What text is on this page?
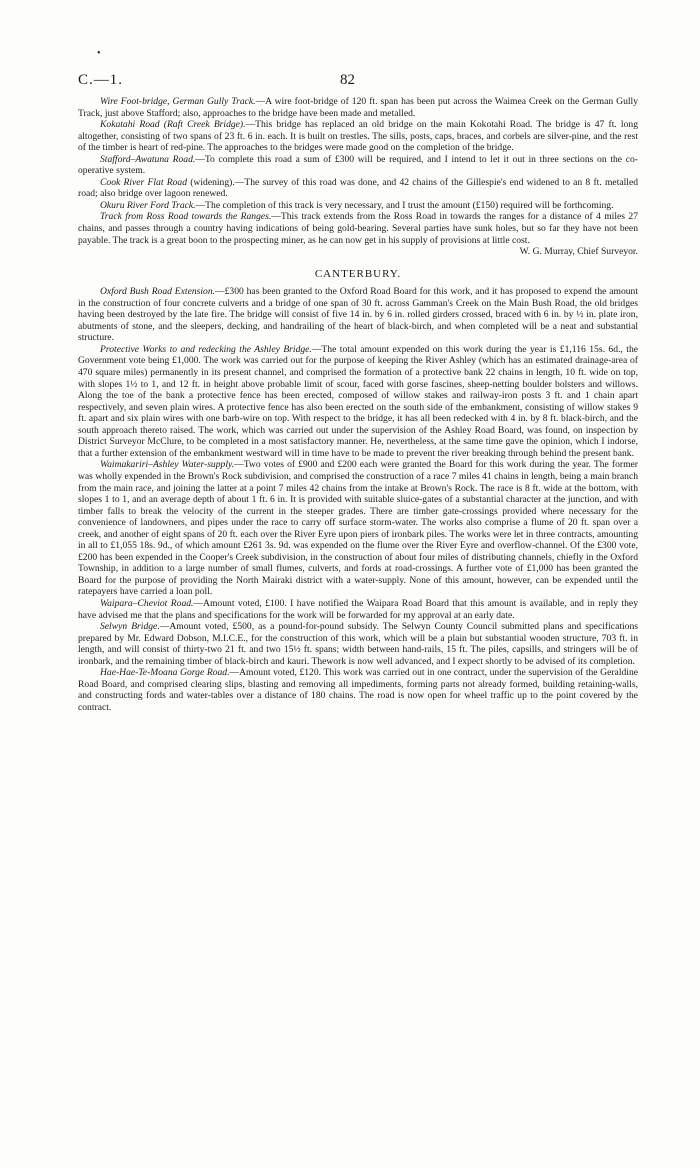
•
C.—1.	82

Wire Foot-bridge, German Gully Track.—A wire foot-bridge of 120 ft. span has been put across the Waimea Creek on the German Gully Track, just above Stafford; also, approaches to the bridge have been made and metalled.

Kokatahi Road (Raft Creek Bridge).—This bridge has replaced an old bridge on the main Kokotahi Road. The bridge is 47 ft. long altogether, consisting of two spans of 23 ft. 6 in. each. It is built on trestles. The sills, posts, caps, braces, and corbels are silver-pine, and the rest of the timber is heart of red-pine. The approaches to the bridges were made good on the completion of the bridge.

Stafford–Awatuna Road.—To complete this road a sum of £300 will be required, and I intend to let it out in three sections on the co-operative system.

Cook River Flat Road (widening).—The survey of this road was done, and 42 chains of the Gillespie's end widened to an 8 ft. metalled road; also bridge over lagoon renewed.

Okuru River Ford Track.—The completion of this track is very necessary, and I trust the amount (£150) required will be forthcoming.

Track from Ross Road towards the Ranges.—This track extends from the Ross Road in towards the ranges for a distance of 4 miles 27 chains, and passes through a country having indications of being gold-bearing. Several parties have sunk holes, but so far they have not been payable. The track is a great boon to the prospecting miner, as he can now get in his supply of provisions at little cost.

W. G. Murray, Chief Surveyor.
CANTERBURY.

Oxford Bush Road Extension.—£300 has been granted to the Oxford Road Board for this work, and it has proposed to expend the amount in the construction of four concrete culverts and a bridge of one span of 30 ft. across Gamman's Creek on the Main Bush Road, the old bridges having been destroyed by the late fire. The bridge will consist of five 14 in. by 6 in. rolled girders crossed, braced with 6 in. by ½ in. plate iron, abutments of stone, and the sleepers, decking, and handrailing of the heart of black-birch, and when completed will be a neat and substantial structure.

Protective Works to and redecking the Ashley Bridge.—The total amount expended on this work during the year is £1,116 15s. 6d., the Government vote being £1,000. The work was carried out for the purpose of keeping the River Ashley (which has an estimated drainage-area of 470 square miles) permanently in its present channel, and comprised the formation of a protective bank 22 chains in length, 10 ft. wide on top, with slopes 1½ to 1, and 12 ft. in height above probable limit of scour, faced with gorse fascines, sheep-netting boulder bolsters and willows. Along the toe of the bank a protective fence has been erected, composed of willow stakes and railway-iron posts 3 ft. and 1 chain apart respectively, and seven plain wires. A protective fence has also been erected on the south side of the embankment, consisting of willow stakes 9 ft. apart and six plain wires with one barb-wire on top. With respect to the bridge, it has all been redecked with 4 in. by 8 ft. black-birch, and the south approach thereto raised. The work, which was carried out under the supervision of the Ashley Road Board, was found, on inspection by District Surveyor McClure, to be completed in a most satisfactory manner. He, nevertheless, at the same time gave the opinion, which I indorse, that a further extension of the embankment westward will in time have to be made to prevent the river breaking through behind the present bank.

Waimakariri–Ashley Water-supply.—Two votes of £900 and £200 each were granted the Board for this work during the year. The former was wholly expended in the Brown's Rock subdivision, and comprised the construction of a race 7 miles 41 chains in length, being a main branch from the main race, and joining the latter at a point 7 miles 42 chains from the intake at Brown's Rock. The race is 8 ft. wide at the bottom, with slopes 1 to 1, and an average depth of about 1 ft. 6 in. It is provided with suitable sluice-gates of a substantial character at the junction, and with timber falls to break the velocity of the current in the steeper grades. There are timber gate-crossings provided where necessary for the convenience of landowners, and pipes under the race to carry off surface storm-water. The works also comprise a flume of 20 ft. span over a creek, and another of eight spans of 20 ft. each over the River Eyre upon piers of ironbark piles. The works were let in three contracts, amounting in all to £1,055 18s. 9d., of which amount £261 3s. 9d. was expended on the flume over the River Eyre and overflow-channel. Of the £300 vote, £200 has been expended in the Cooper's Creek subdivision, in the construction of about four miles of distributing channels, chiefly in the Oxford Township, in addition to a large number of small flumes, culverts, and fords at road-crossings. A further vote of £1,000 has been granted the Board for the purpose of providing the North Mairaki district with a water-supply. None of this amount, however, can be expended until the ratepayers have carried a loan poll.

Waipara–Cheviot Road.—Amount voted, £100. I have notified the Waipara Road Board that this amount is available, and in reply they have advised me that the plans and specifications for the work will be forwarded for my approval at an early date.

Selwyn Bridge.—Amount voted, £500, as a pound-for-pound subsidy. The Selwyn County Council submitted plans and specifications prepared by Mr. Edward Dobson, M.I.C.E., for the construction of this work, which will be a plain but substantial wooden structure, 703 ft. in length, and will consist of thirty-two 21 ft. and two 15½ ft. spans; width between hand-rails, 15 ft. The piles, capsills, and stringers will be of ironbark, and the remaining timber of black-birch and kauri. Thework is now well advanced, and I expect shortly to be advised of its completion.

Hae-Hae-Te-Moana Gorge Road.—Amount voted, £120. This work was carried out in one contract, under the supervision of the Geraldine Road Board, and comprised clearing slips, blasting and removing all impediments, forming parts not already formed, building retaining-walls, and constructing fords and water-tables over a distance of 180 chains. The road is now open for wheel traffic up to the point covered by the contract.
